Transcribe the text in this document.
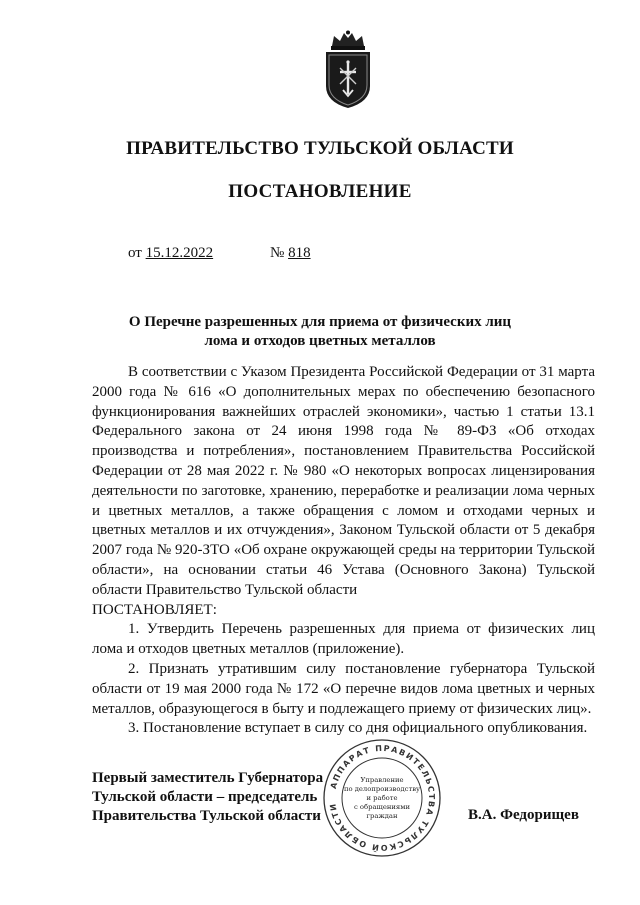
ПРАВИТЕЛЬСТВО ТУЛЬСКОЙ ОБЛАСТИ
ПОСТАНОВЛЕНИЕ
от 15.12.2022	№ 818
О Перечне разрешенных для приема от физических лиц
лома и отходов цветных металлов

В соответствии с Указом Президента Российской Федерации от 31 марта 2000 года № 616 «О дополнительных мерах по обеспечению безопасного функционирования важнейших отраслей экономики», частью 1 статьи 13.1 Федерального закона от 24 июня 1998 года № 89-ФЗ «Об отходах производства и потребления», постановлением Правительства Российской Федерации от 28 мая 2022 г. № 980 «О некоторых вопросах лицензирования деятельности по заготовке, хранению, переработке и реализации лома черных и цветных металлов, а также обращения с ломом и отходами черных и цветных металлов и их отчуждения», Законом Тульской области от 5 декабря 2007 года № 920-ЗТО «Об охране окружающей среды на территории Тульской области», на основании статьи 46 Устава (Основного Закона) Тульской области Правительство Тульской области

ПОСТАНОВЛЯЕТ:

1. Утвердить Перечень разрешенных для приема от физических лиц лома и отходов цветных металлов (приложение).

2. Признать утратившим силу постановление губернатора Тульской области от 19 мая 2000 года № 172 «О перечне видов лома цветных и черных металлов, образующегося в быту и подлежащего приему от физических лиц».

3. Постановление вступает в силу со дня официального опубликования.

Первый заместитель Губернатора
Тульской области – председатель
Правительства Тульской области	В.А. Федорищев
АППАРАТ ПРАВИТЕЛЬСТВА ТУЛЬСКОЙ ОБЛАСТИ
Управление
по делопроизводству
и работе
с обращениями
граждан
